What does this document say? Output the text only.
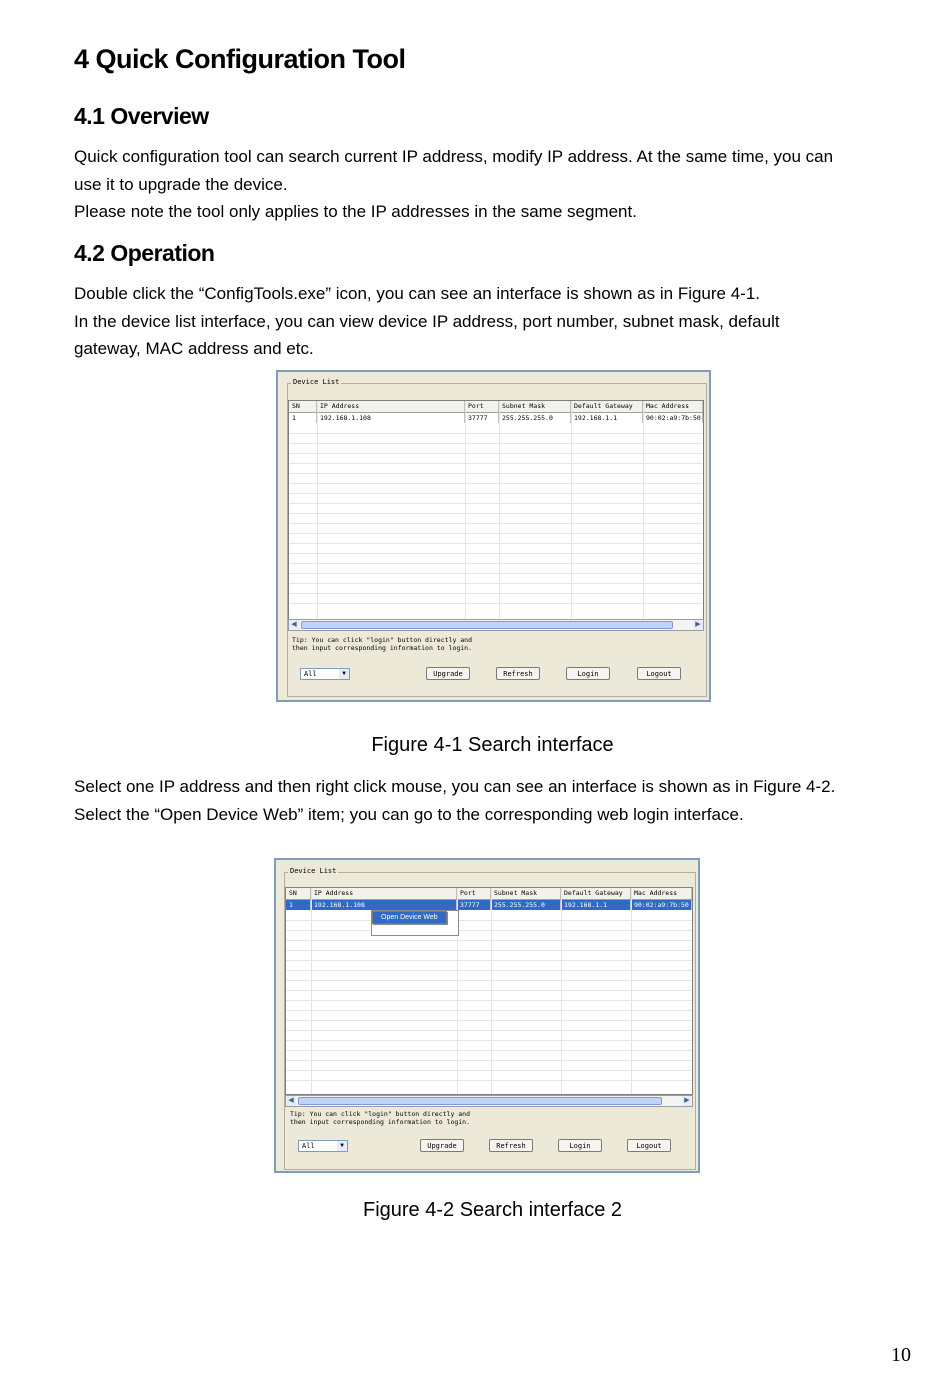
4 Quick Configuration Tool
4.1 Overview
Quick configuration tool can search current IP address, modify IP address. At the same time, you can
use it to upgrade the device.
Please note the tool only applies to the IP addresses in the same segment.
4.2 Operation
Double click the “ConfigTools.exe” icon, you can see an interface is shown as in Figure 4-1.
In the device list interface, you can view device IP address, port number, subnet mask, default
gateway, MAC address and etc.
Device List
SN	IP Address	Port	Subnet Mask	Default Gateway	Mac Address
1	192.168.1.108	37777	255.255.255.0	192.168.1.1	90:02:a9:7b:50
◀	▶
Tip: You can click "login" button directly and
then input corresponding information to login.
All	▼	Upgrade	Refresh	Login	Logout
Figure 4-1 Search interface
Select one IP address and then right click mouse, you can see an interface is shown as in Figure 4-2.
Select the “Open Device Web” item; you can go to the corresponding web login interface.
Device List
SN	IP Address	Port	Subnet Mask	Default Gateway	Mac Address
1	192.168.1.108	37777	255.255.255.0	192.168.1.1	90:02:a9:7b:50
Open Device Web
◀	▶
Tip: You can click "login" button directly and
then input corresponding information to login.
All	▼	Upgrade	Refresh	Login	Logout
Figure 4-2 Search interface 2
10
